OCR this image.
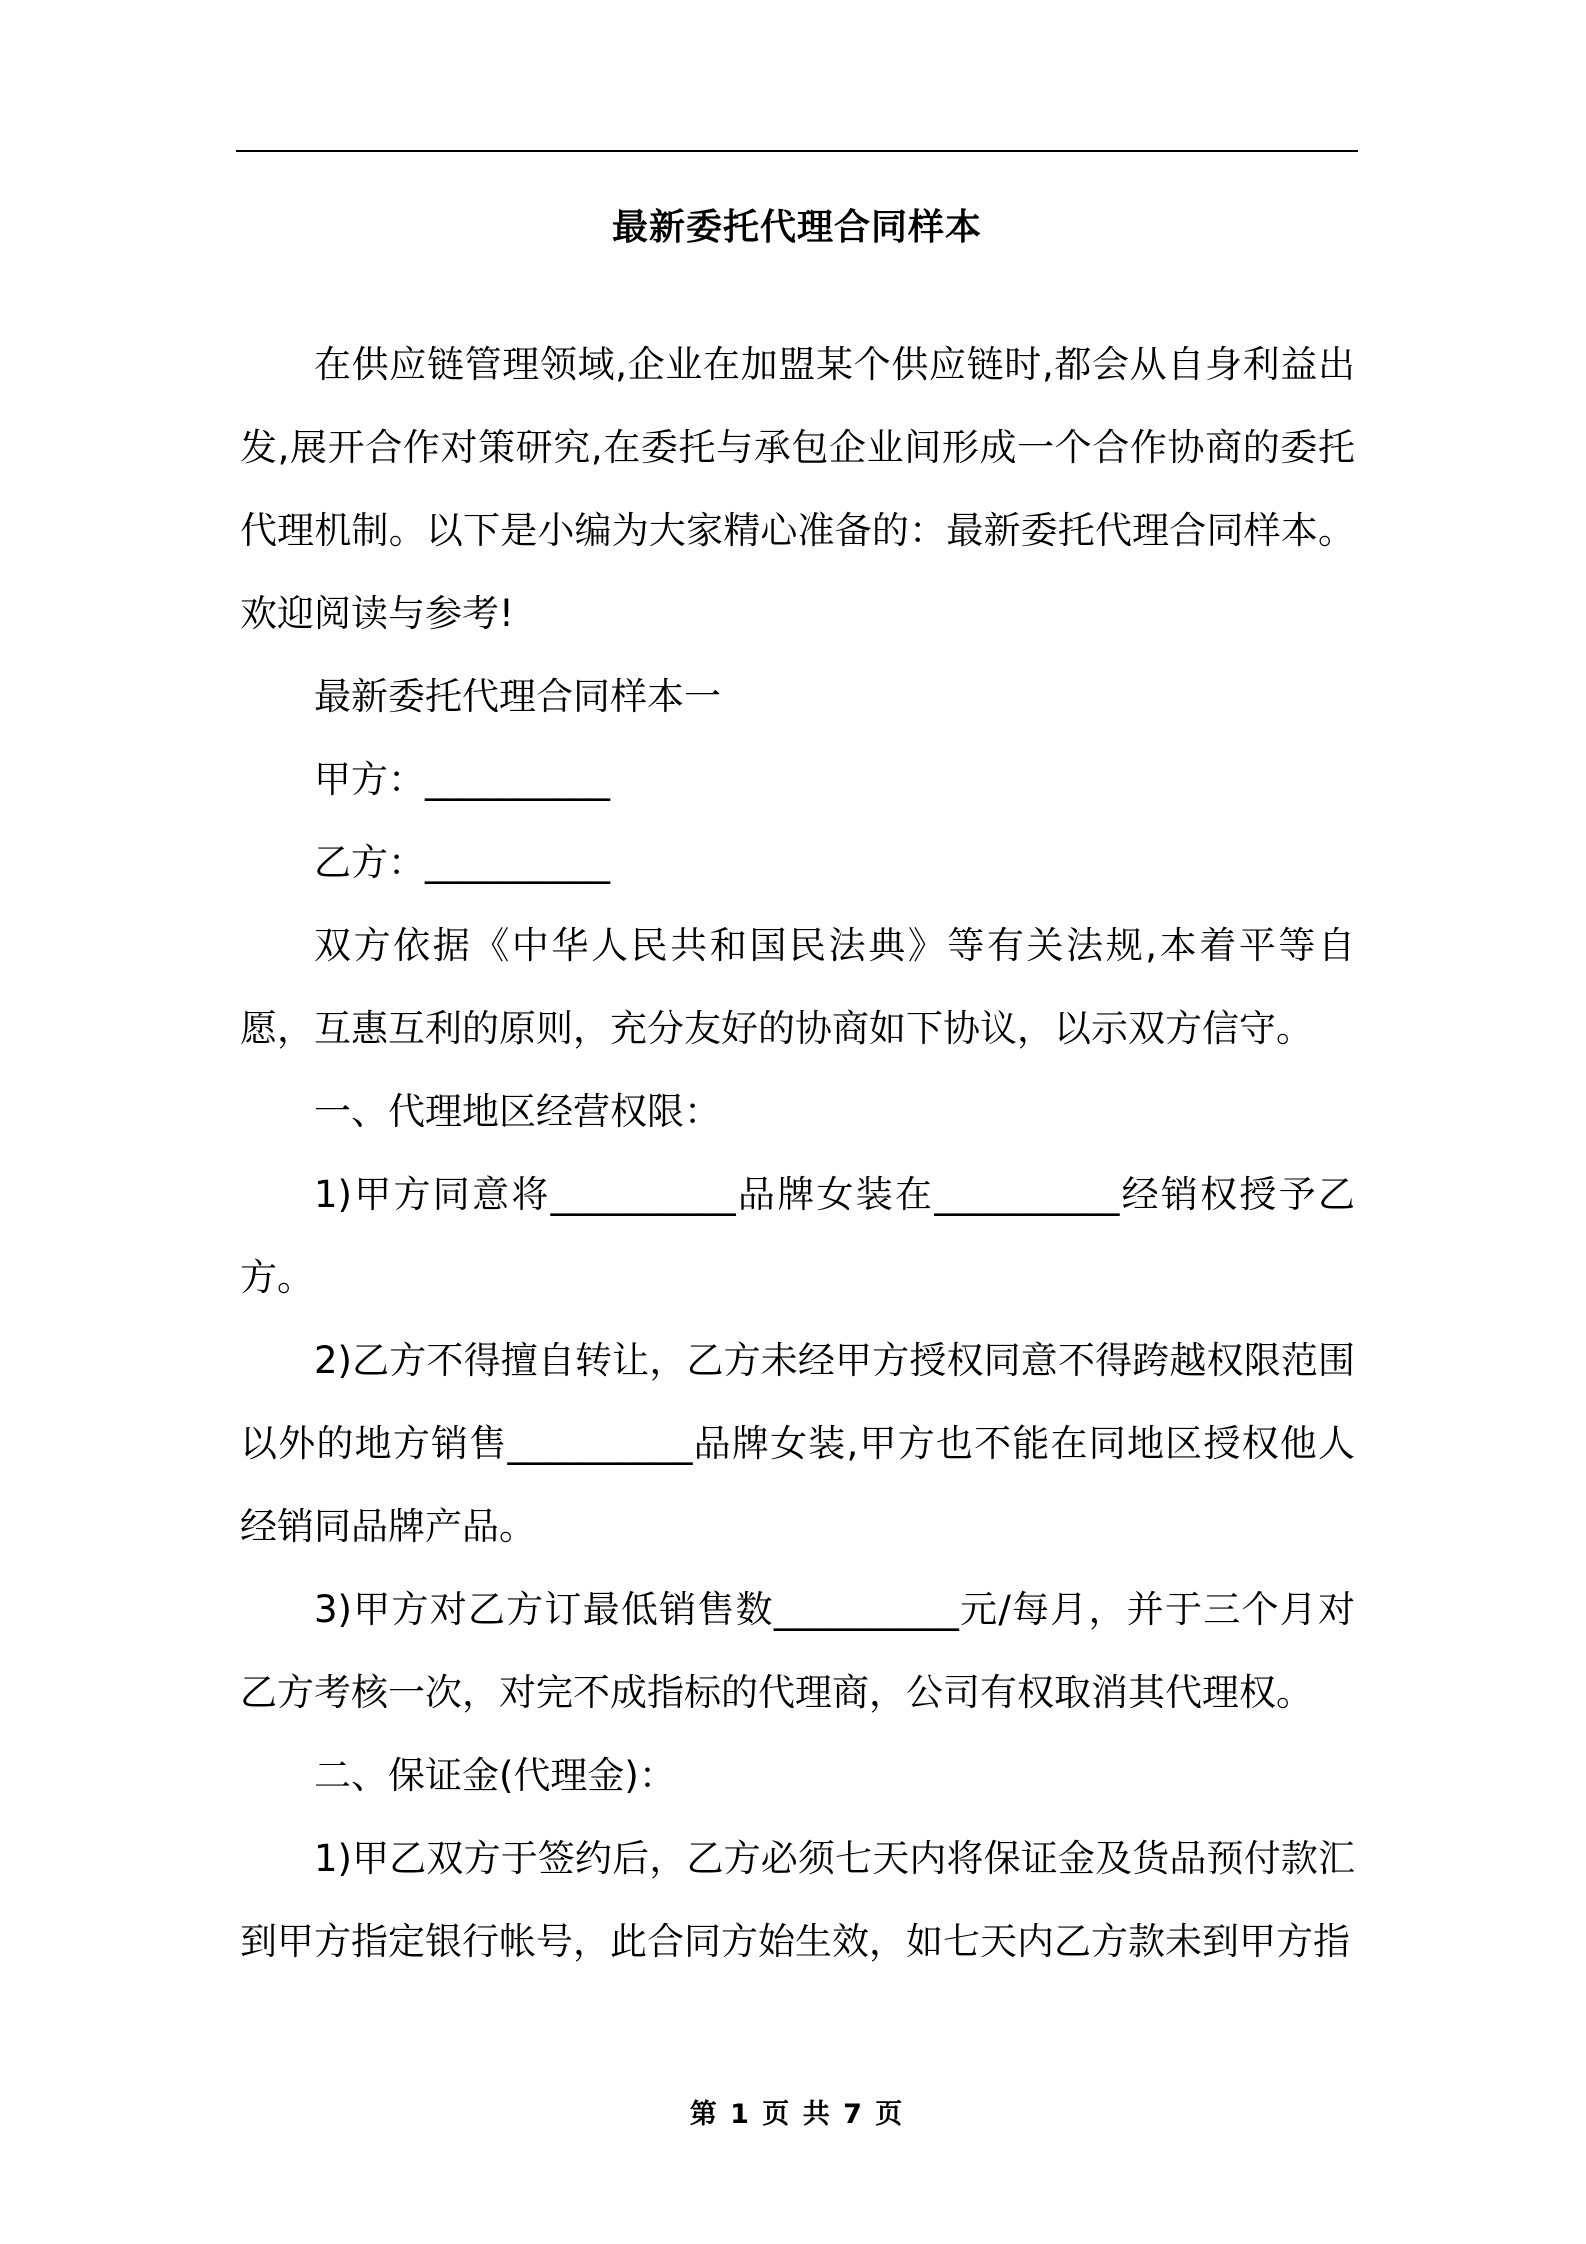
最新委托代理合同样本

在供应链管理领域,企业在加盟某个供应链时,都会从自身利益出发,展开合作对策研究,在委托与承包企业间形成一个合作协商的委托代理机制。以下是小编为大家精心准备的：最新委托代理合同样本。欢迎阅读与参考!

最新委托代理合同样本一

甲方：__________

乙方：__________

双方依据《中华人民共和国民法典》等有关法规,本着平等自愿，互惠互利的原则，充分友好的协商如下协议，以示双方信守。

一、代理地区经营权限：

1)甲方同意将__________品牌女装在__________经销权授予乙方。

2)乙方不得擅自转让，乙方未经甲方授权同意不得跨越权限范围以外的地方销售__________品牌女装,甲方也不能在同地区授权他人经销同品牌产品。

3)甲方对乙方订最低销售数__________元/每月，并于三个月对乙方考核一次，对完不成指标的代理商，公司有权取消其代理权。

二、保证金(代理金)：

1)甲乙双方于签约后，乙方必须七天内将保证金及货品预付款汇到甲方指定银行帐号，此合同方始生效，如七天内乙方款未到甲方指

第 1 页 共 7 页
